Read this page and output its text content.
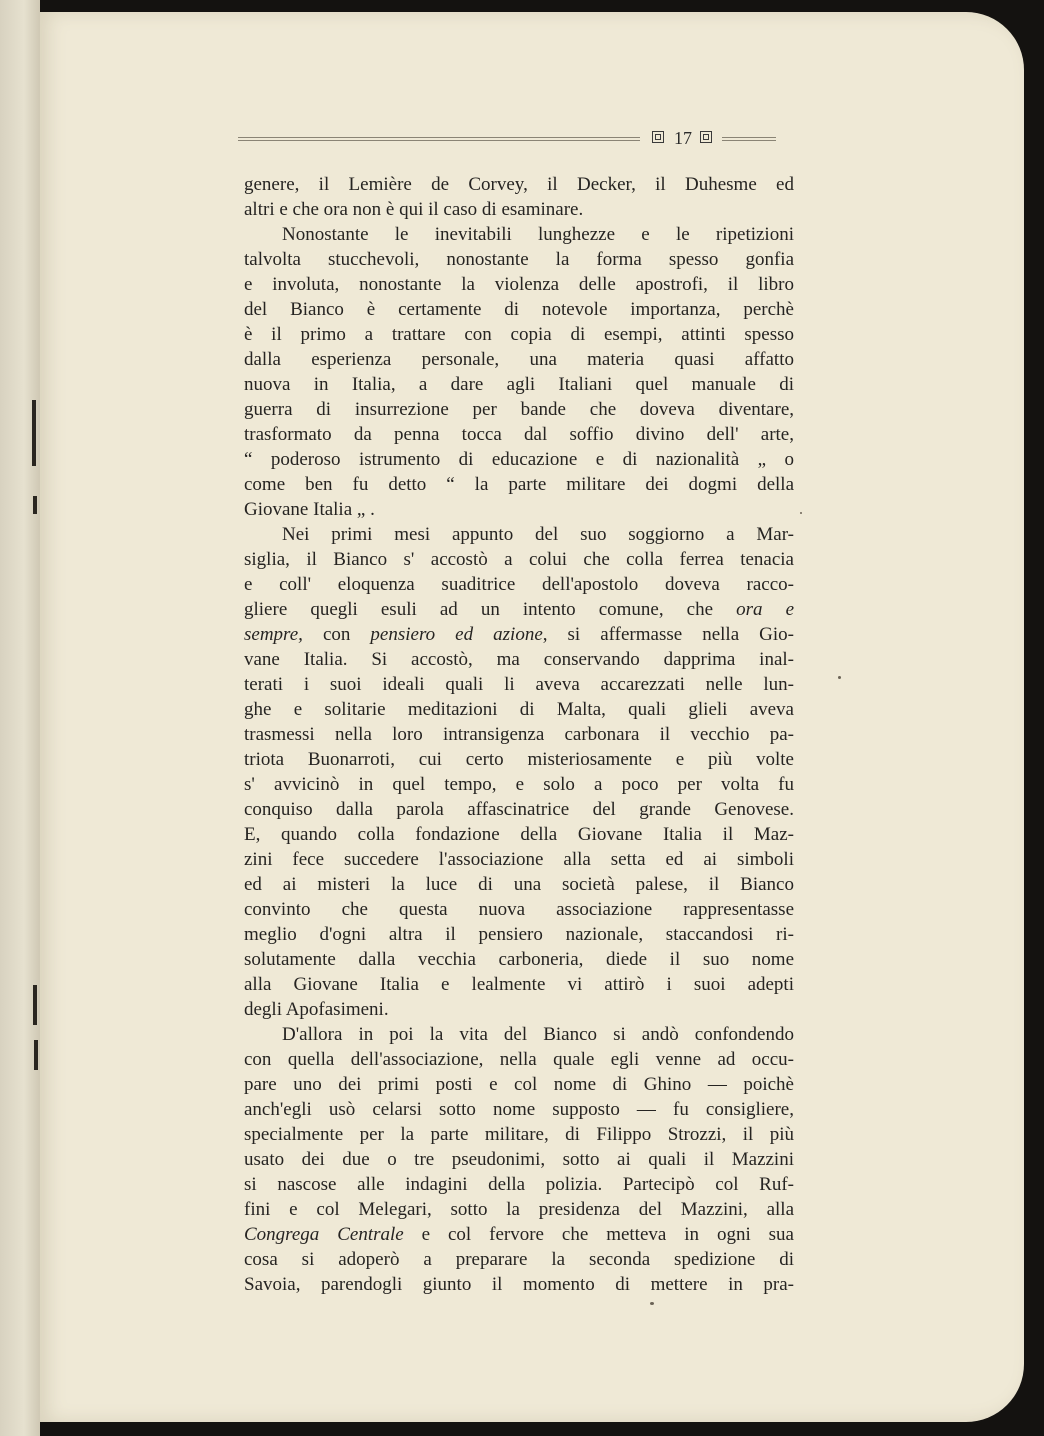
17
genere, il Lemière de Corvey, il Decker, il Duhesme ed
altri e che ora non è qui il caso di esaminare.
Nonostante le inevitabili lunghezze e le ripetizioni
talvolta stucchevoli, nonostante la forma spesso gonfia
e involuta, nonostante la violenza delle apostrofi, il libro
del Bianco è certamente di notevole importanza, perchè
è il primo a trattare con copia di esempi, attinti spesso
dalla esperienza personale, una materia quasi affatto
nuova in Italia, a dare agli Italiani quel manuale di
guerra di insurrezione per bande che doveva diventare,
trasformato da penna tocca dal soffio divino dell' arte,
“ poderoso istrumento di educazione e di nazionalità „ o
come ben fu detto “ la parte militare dei dogmi della
Giovane Italia „ .
Nei primi mesi appunto del suo soggiorno a Mar-
siglia, il Bianco s' accostò a colui che colla ferrea tenacia
e coll' eloquenza suaditrice dell'apostolo doveva racco-
gliere quegli esuli ad un intento comune, che ora e
sempre, con pensiero ed azione, si affermasse nella Gio-
vane Italia. Si accostò, ma conservando dapprima inal-
terati i suoi ideali quali li aveva accarezzati nelle lun-
ghe e solitarie meditazioni di Malta, quali glieli aveva
trasmessi nella loro intransigenza carbonara il vecchio pa-
triota Buonarroti, cui certo misteriosamente e più volte
s' avvicinò in quel tempo, e solo a poco per volta fu
conquiso dalla parola affascinatrice del grande Genovese.
E, quando colla fondazione della Giovane Italia il Maz-
zini fece succedere l'associazione alla setta ed ai simboli
ed ai misteri la luce di una società palese, il Bianco
convinto che questa nuova associazione rappresentasse
meglio d'ogni altra il pensiero nazionale, staccandosi ri-
solutamente dalla vecchia carboneria, diede il suo nome
alla Giovane Italia e lealmente vi attirò i suoi adepti
degli Apofasimeni.
D'allora in poi la vita del Bianco si andò confondendo
con quella dell'associazione, nella quale egli venne ad occu-
pare uno dei primi posti e col nome di Ghino — poichè
anch'egli usò celarsi sotto nome supposto — fu consigliere,
specialmente per la parte militare, di Filippo Strozzi, il più
usato dei due o tre pseudonimi, sotto ai quali il Mazzini
si nascose alle indagini della polizia. Partecipò col Ruf-
fini e col Melegari, sotto la presidenza del Mazzini, alla
Congrega Centrale e col fervore che metteva in ogni sua
cosa si adoperò a preparare la seconda spedizione di
Savoia, parendogli giunto il momento di mettere in pra-
